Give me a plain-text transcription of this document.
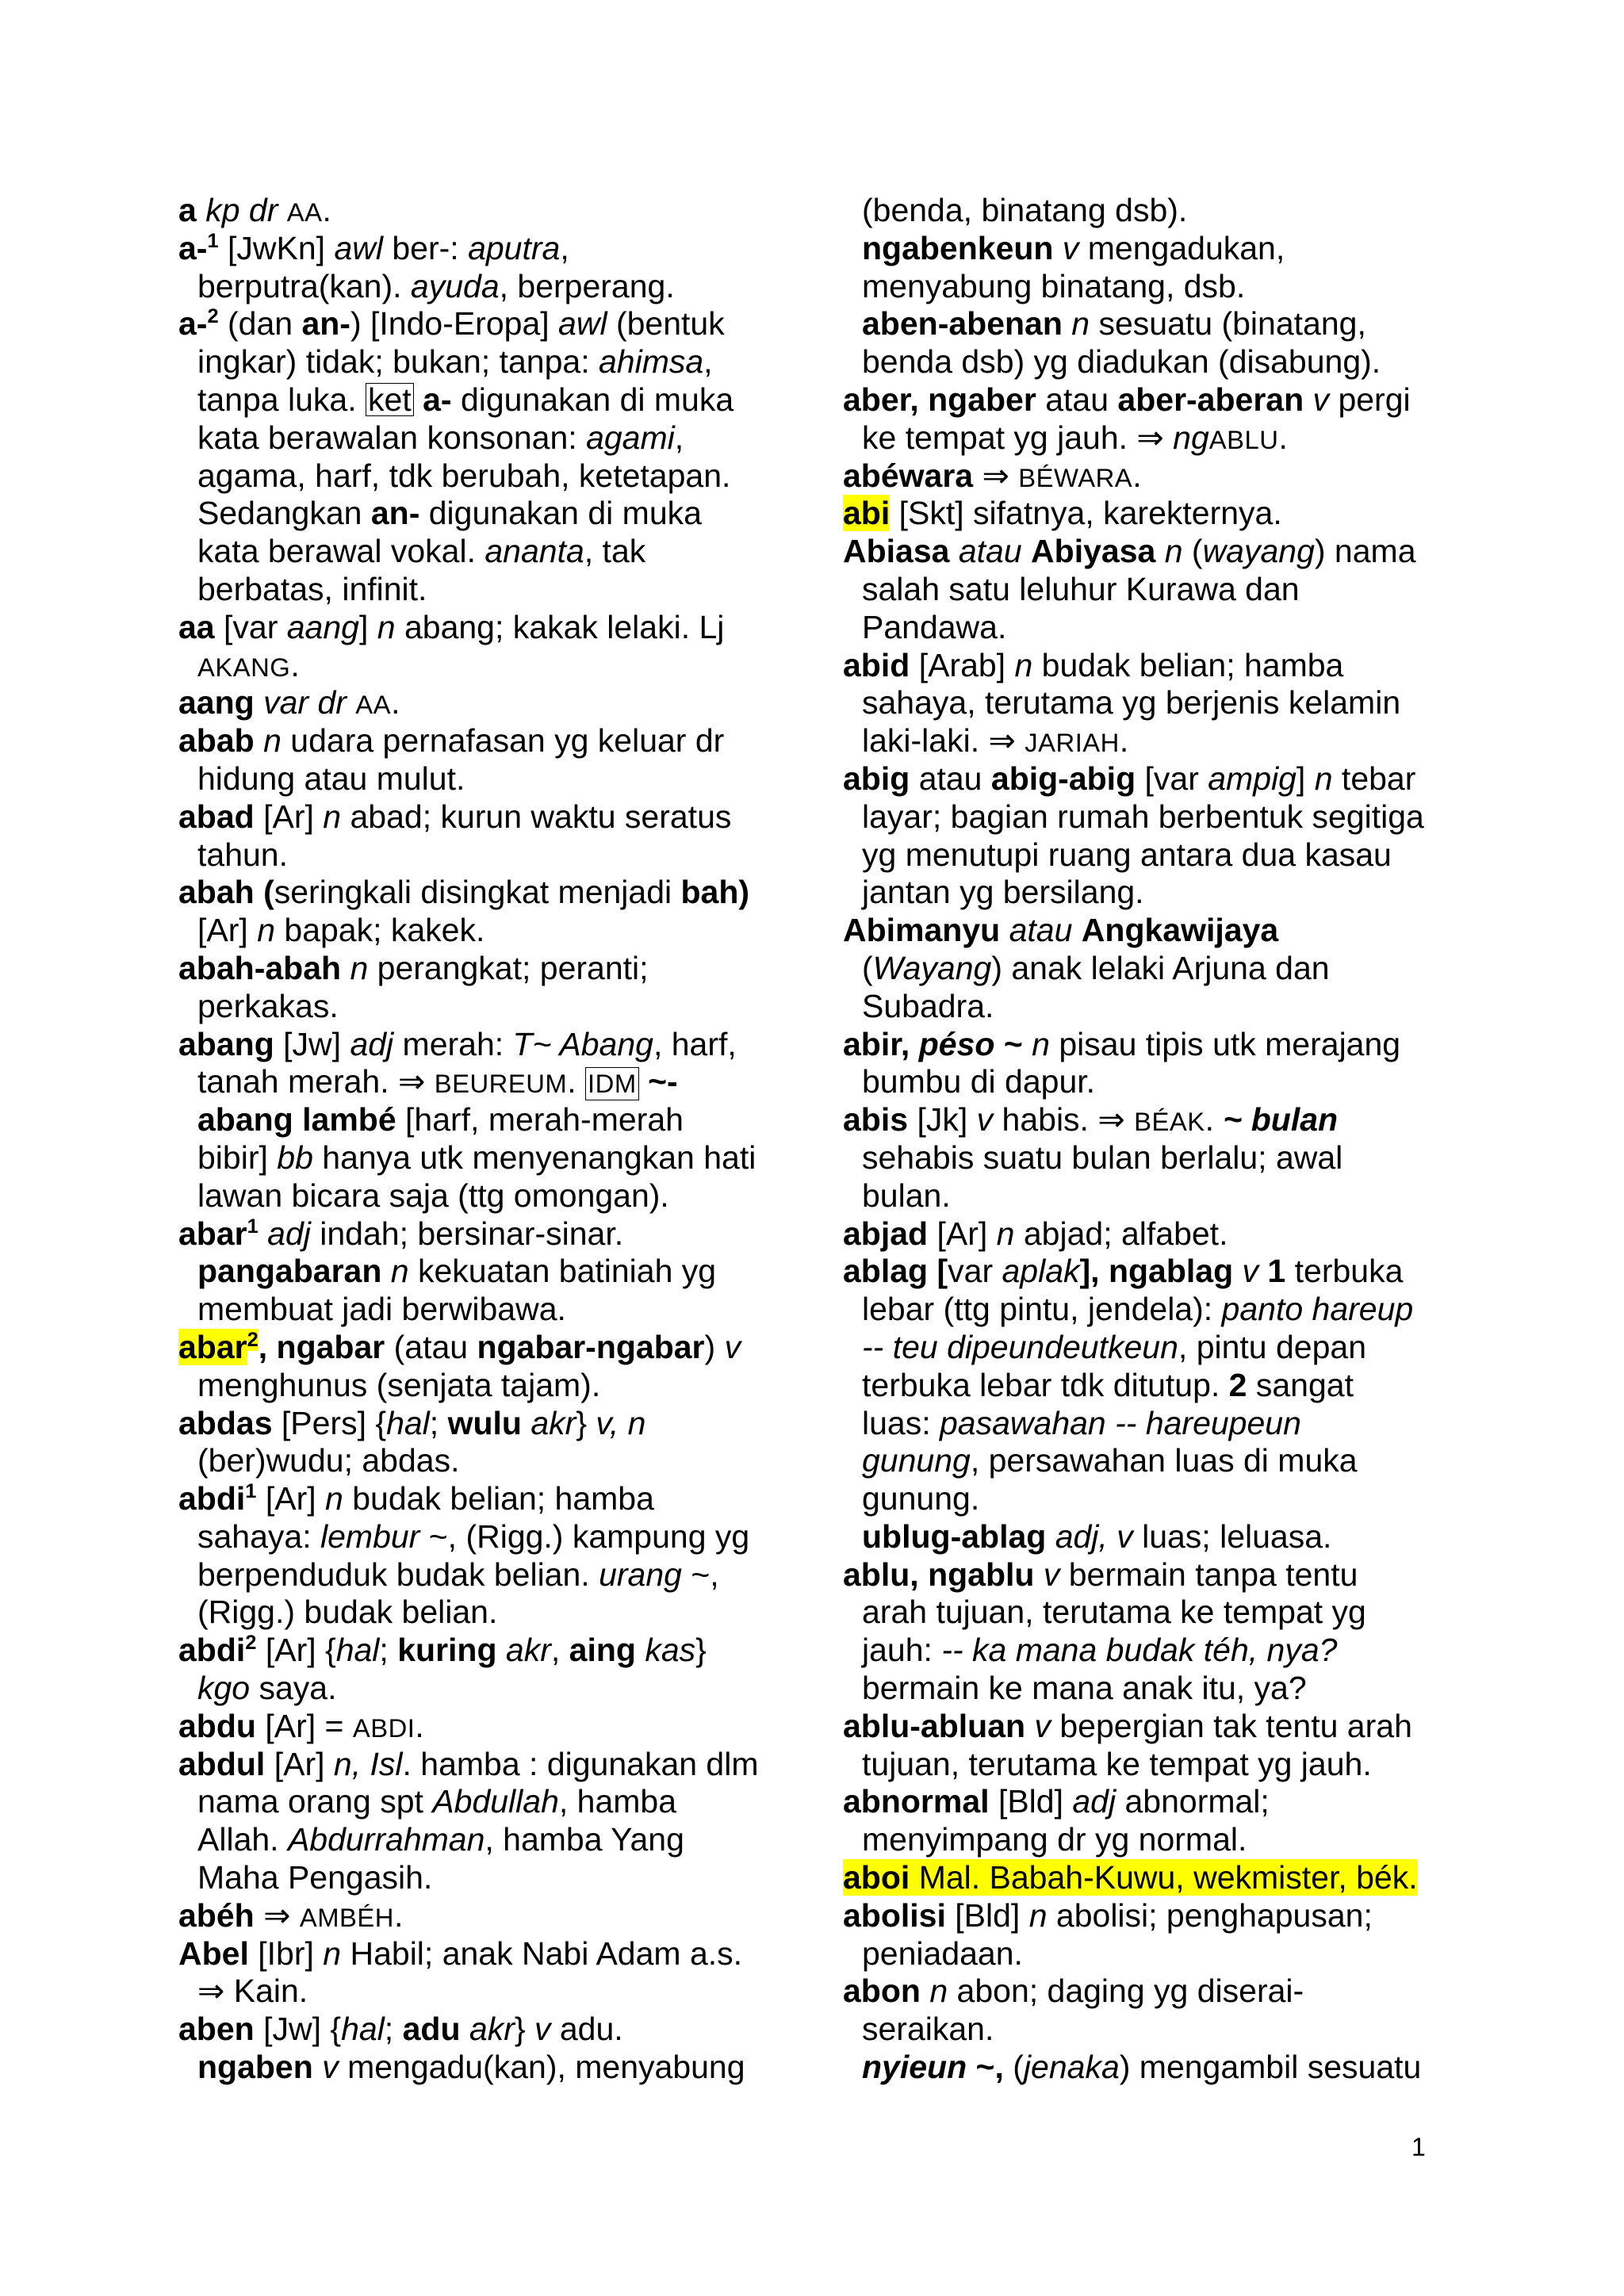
a kp dr AA.
a-$^1$ [JwKn] awl ber-: aputra,
berputra(kan). ayuda, berperang.
a-$^2$ (dan an-) [Indo-Eropa] awl (bentuk
ingkar) tidak; bukan; tanpa: ahimsa,
tanpa luka. ket a- digunakan di muka
kata berawalan konsonan: agami,
agama, harf, tdk berubah, ketetapan.
Sedangkan an- digunakan di muka
kata berawal vokal. ananta, tak
berbatas, infinit.
aa [var aang] n abang; kakak lelaki. Lj
AKANG.
aang var dr AA.
abab n udara pernafasan yg keluar dr
hidung atau mulut.
abad [Ar] n abad; kurun waktu seratus
tahun.
abah (seringkali disingkat menjadi bah)
[Ar] n bapak; kakek.
abah-abah n perangkat; peranti;
perkakas.
abang [Jw] adj merah: T~ Abang, harf,
tanah merah. ⇒ BEUREUM. IDM ~-
abang lambé [harf, merah-merah
bibir] bb hanya utk menyenangkan hati
lawan bicara saja (ttg omongan).
abar$^1$ adj indah; bersinar-sinar.
pangabaran n kekuatan batiniah yg
membuat jadi berwibawa.
abar$^2$, ngabar (atau ngabar-ngabar) v
menghunus (senjata tajam).
abdas [Pers] {hal; wulu akr} v, n
(ber)wudu; abdas.
abdi$^1$ [Ar] n budak belian; hamba
sahaya: lembur ~, (Rigg.) kampung yg
berpenduduk budak belian. urang ~,
(Rigg.) budak belian.
abdi$^2$ [Ar] {hal; kuring akr, aing kas}
kgo saya.
abdu [Ar] = ABDI.
abdul [Ar] n, Isl. hamba : digunakan dlm
nama orang spt Abdullah, hamba
Allah. Abdurrahman, hamba Yang
Maha Pengasih.
abéh ⇒ AMBÉH.
Abel [Ibr] n Habil; anak Nabi Adam a.s.
⇒ Kain.
aben [Jw] {hal; adu akr} v adu.
ngaben v mengadu(kan), menyabung
(benda, binatang dsb).
ngabenkeun v mengadukan,
menyabung binatang, dsb.
aben-abenan n sesuatu (binatang,
benda dsb) yg diadukan (disabung).
aber, ngaber atau aber-aberan v pergi
ke tempat yg jauh. ⇒ ngABLU.
abéwara ⇒ BÉWARA.
abi [Skt] sifatnya, karekternya.
Abiasa atau Abiyasa n (wayang) nama
salah satu leluhur Kurawa dan
Pandawa.
abid [Arab] n budak belian; hamba
sahaya, terutama yg berjenis kelamin
laki-laki. ⇒ JARIAH.
abig atau abig-abig [var ampig] n tebar
layar; bagian rumah berbentuk segitiga
yg menutupi ruang antara dua kasau
jantan yg bersilang.
Abimanyu atau Angkawijaya
(Wayang) anak lelaki Arjuna dan
Subadra.
abir, péso ~ n pisau tipis utk merajang
bumbu di dapur.
abis [Jk] v habis. ⇒ BÉAK. ~ bulan
sehabis suatu bulan berlalu; awal
bulan.
abjad [Ar] n abjad; alfabet.
ablag [var aplak], ngablag v 1 terbuka
lebar (ttg pintu, jendela): panto hareup
-- teu dipeundeutkeun, pintu depan
terbuka lebar tdk ditutup. 2 sangat
luas: pasawahan -- hareupeun
gunung, persawahan luas di muka
gunung.
ublug-ablag adj, v luas; leluasa.
ablu, ngablu v bermain tanpa tentu
arah tujuan, terutama ke tempat yg
jauh: -- ka mana budak téh, nya?
bermain ke mana anak itu, ya?
ablu-abluan v bepergian tak tentu arah
tujuan, terutama ke tempat yg jauh.
abnormal [Bld] adj abnormal;
menyimpang dr yg normal.
aboi Mal. Babah-Kuwu, wekmister, bék.
abolisi [Bld] n abolisi; penghapusan;
peniadaan.
abon n abon; daging yg diserai-
seraikan.
nyieun ~, (jenaka) mengambil sesuatu
1
